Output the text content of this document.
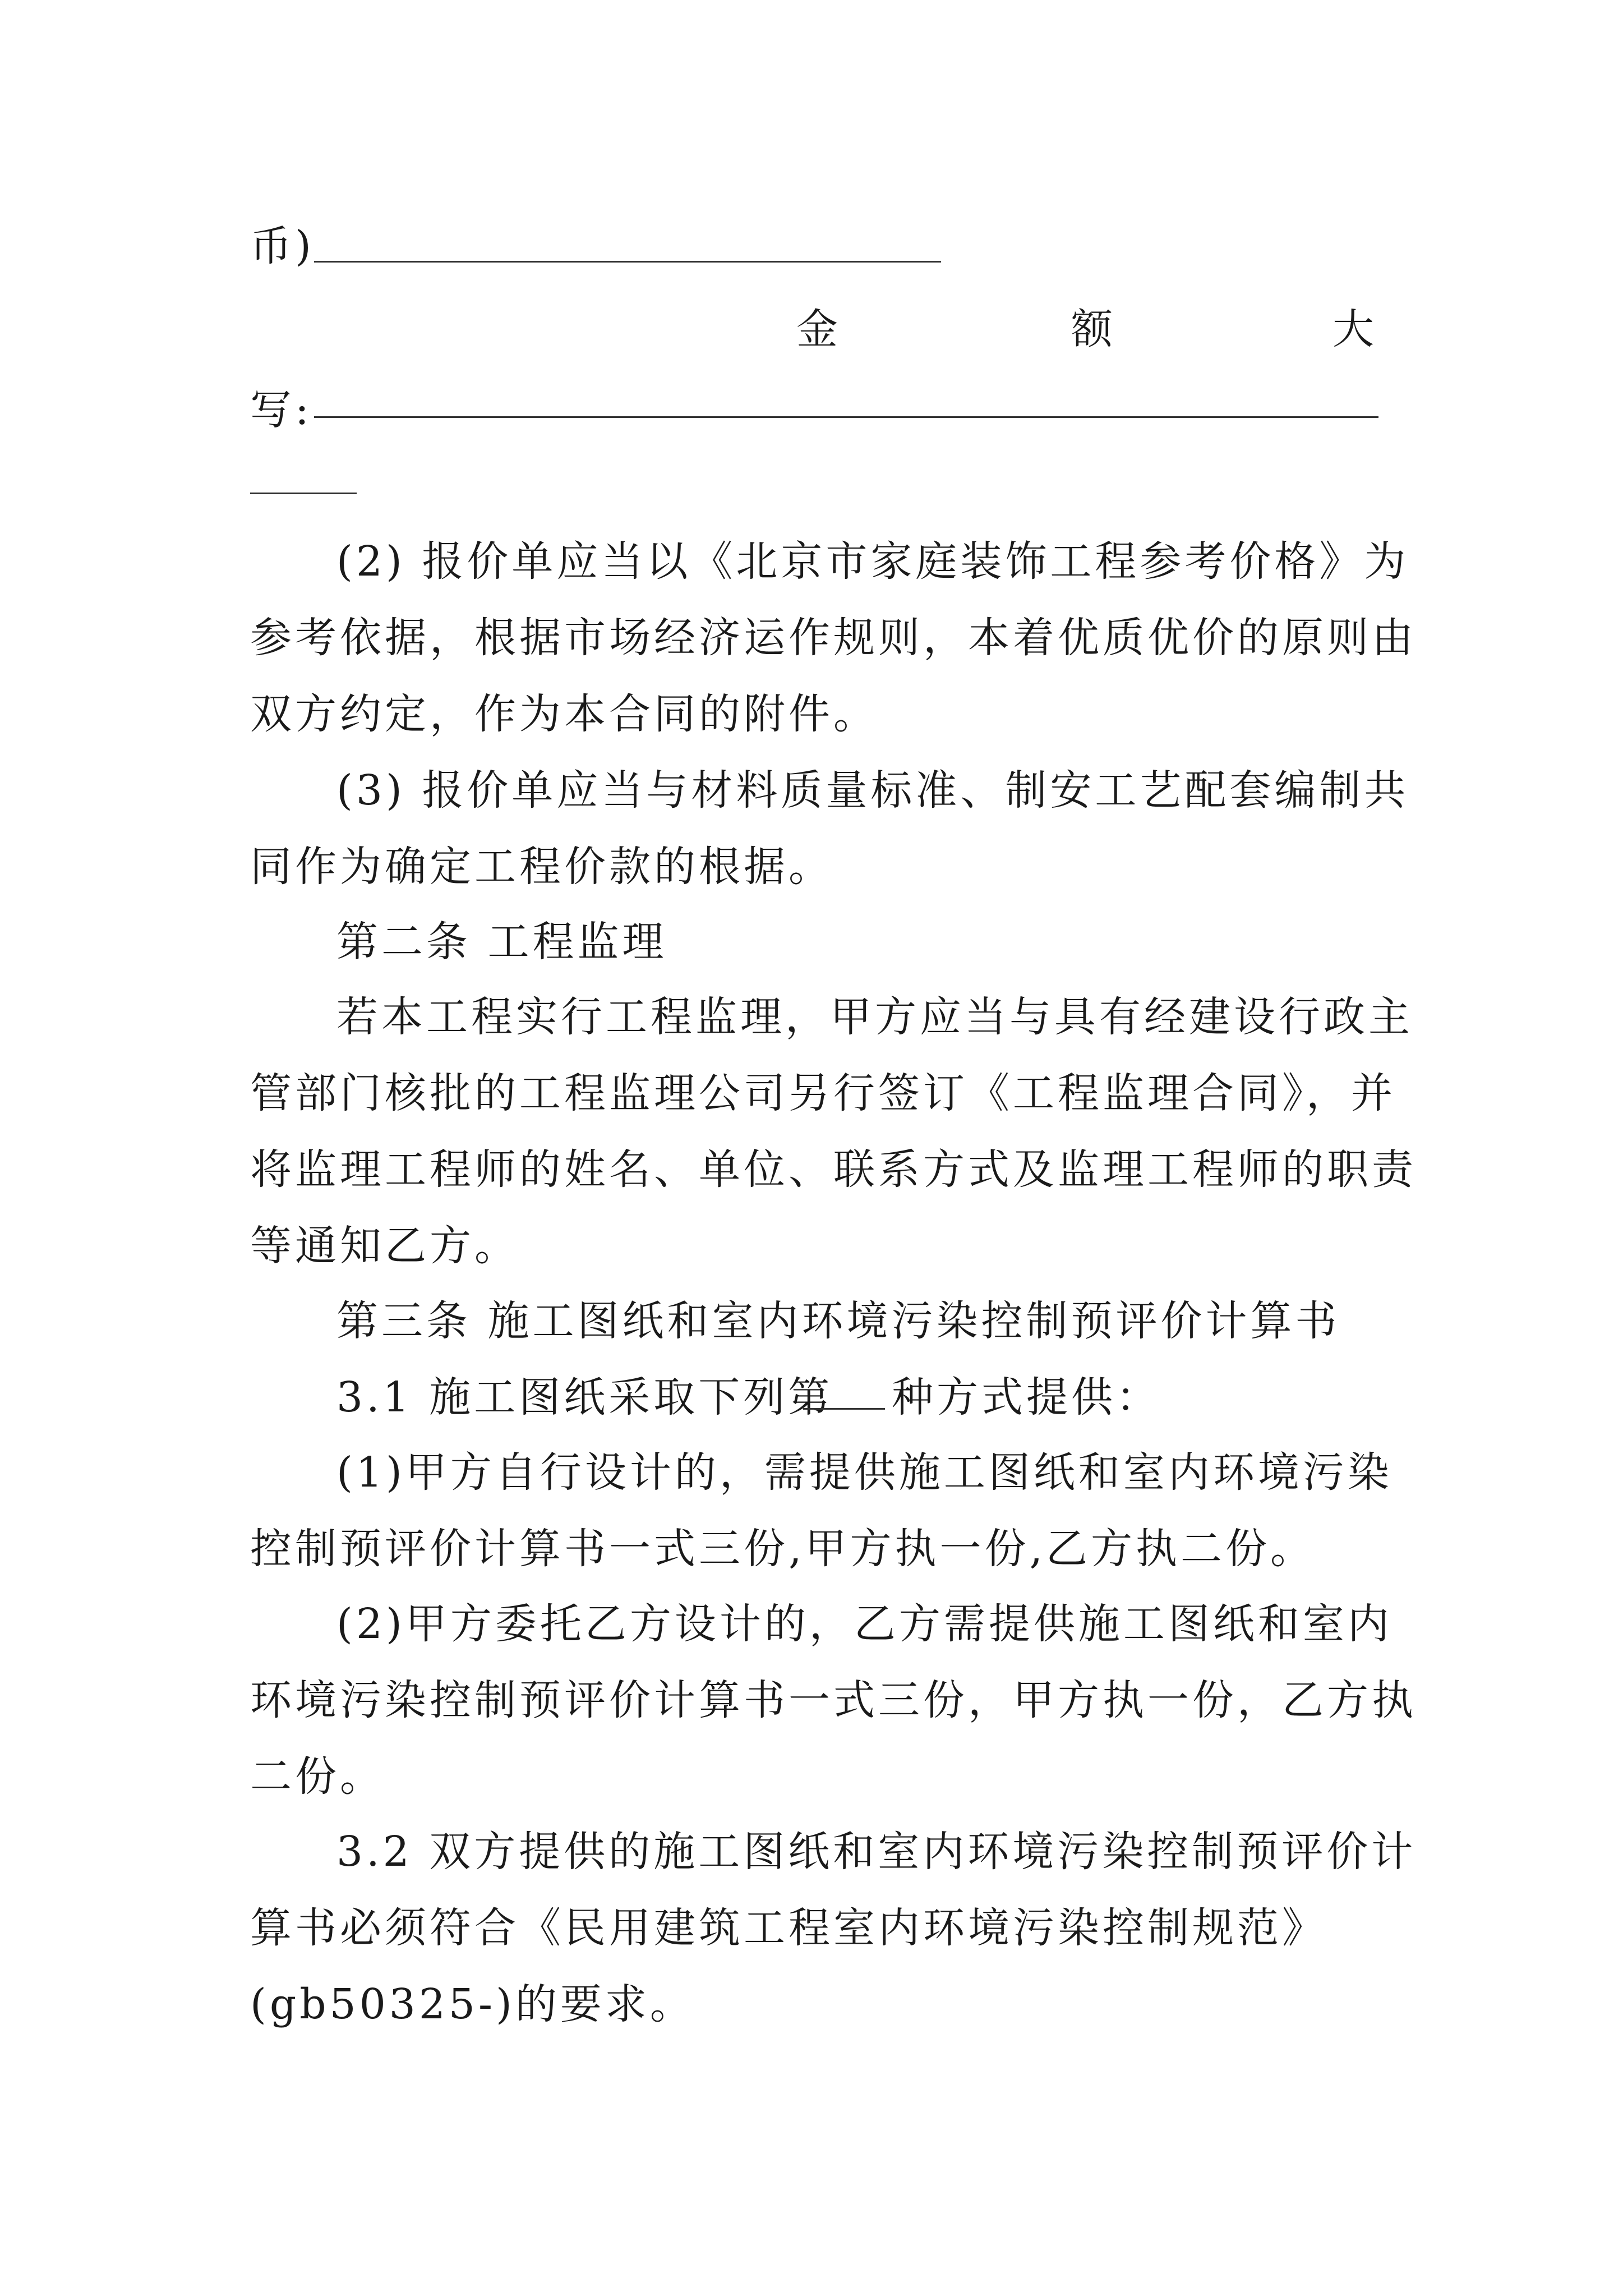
币)
金	额	大
写:
(2) 报价单应当以《北京市家庭装饰工程参考价格》为
参考依据，根据市场经济运作规则，本着优质优价的原则由
双方约定，作为本合同的附件。
(3) 报价单应当与材料质量标准、制安工艺配套编制共
同作为确定工程价款的根据。
第二条 工程监理
若本工程实行工程监理，甲方应当与具有经建设行政主
管部门核批的工程监理公司另行签订《工程监理合同》，并
将监理工程师的姓名、单位、联系方式及监理工程师的职责
等通知乙方。
第三条 施工图纸和室内环境污染控制预评价计算书
3.1 施工图纸采取下列第 种方式提供：
(1)甲方自行设计的，需提供施工图纸和室内环境污染
控制预评价计算书一式三份,甲方执一份,乙方执二份。
(2)甲方委托乙方设计的，乙方需提供施工图纸和室内
环境污染控制预评价计算书一式三份，甲方执一份，乙方执
二份。
3.2 双方提供的施工图纸和室内环境污染控制预评价计
算书必须符合《民用建筑工程室内环境污染控制规范》
(gb50325-)的要求。
